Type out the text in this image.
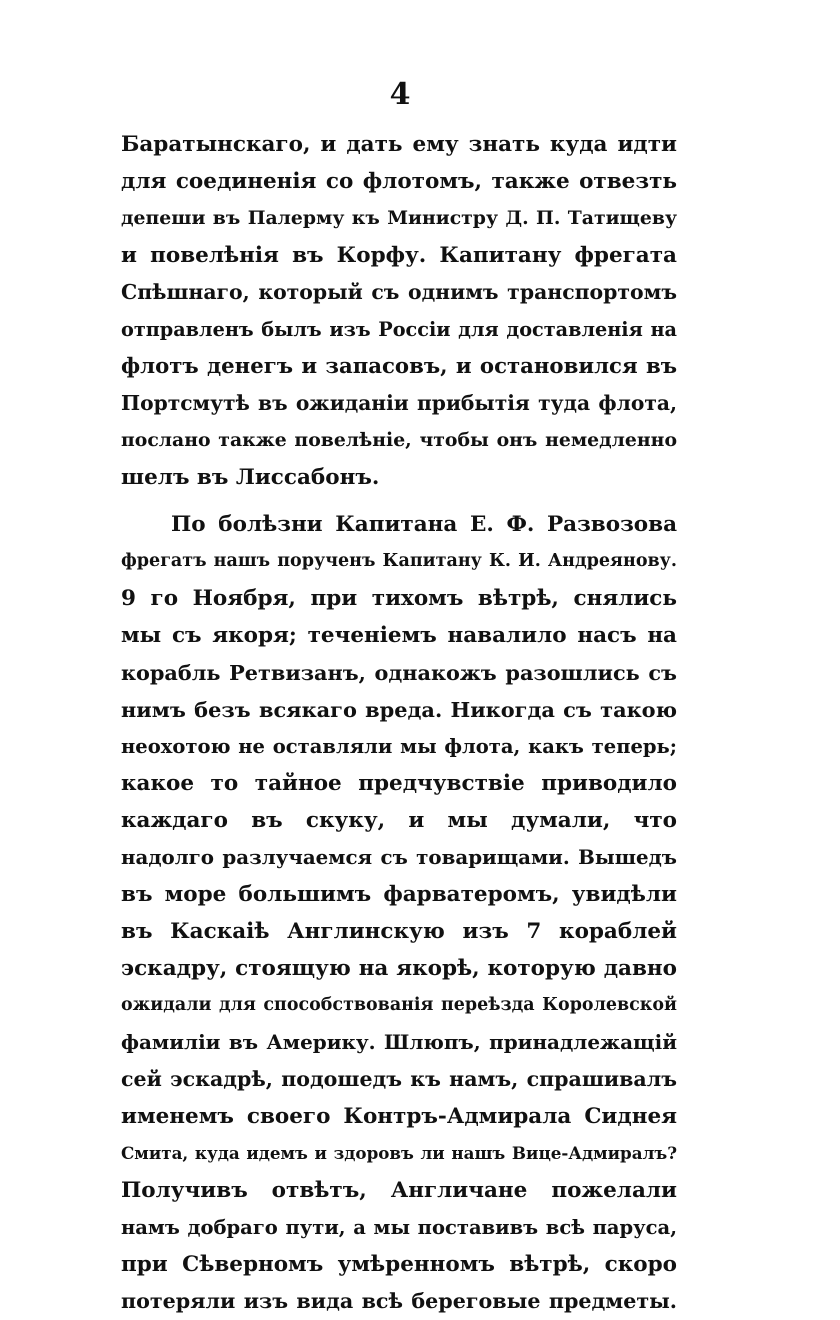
4
Баратынскаго, и дать ему знать куда идти
для соединенія со флотомъ, также отвезть
депеши въ Палерму къ Министру Д. П. Татищеву
и повелѣнія въ Корфу. Капитану фрегата
Спѣшнаго, который съ однимъ транспортомъ
отправленъ былъ изъ Россіи для доставленія на
флотъ денегъ и запасовъ, и остановился въ
Портсмутѣ въ ожиданіи прибытія туда флота,
послано также повелѣніе, чтобы онъ немедленно
шелъ въ Лиссабонъ.
По болѣзни Капитана Е. Ф. Развозова
фрегатъ нашъ порученъ Капитану К. И. Андреянову.
9 го Ноября, при тихомъ вѣтрѣ, снялись
мы съ якоря; теченіемъ навалило насъ на
корабль Ретвизанъ, однакожъ разошлись съ
нимъ безъ всякаго вреда. Никогда съ такою
неохотою не оставляли мы флота, какъ теперь;
какое то тайное предчувствіе приводило
каждаго въ скуку, и мы думали, что
надолго разлучаемся съ товарищами. Вышедъ
въ море большимъ фарватеромъ, увидѣли
въ Каскаіѣ Англинскую изъ 7 кораблей
эскадру, стоящую на якорѣ, которую давно
ожидали для способствованія переѣзда Королевской
фамиліи въ Америку. Шлюпъ, принадлежащій
сей эскадрѣ, подошедъ къ намъ, спрашивалъ
именемъ своего Контръ-Адмирала Сиднея
Смита, куда идемъ и здоровъ ли нашъ Вице-Адмиралъ?
Получивъ отвѣтъ, Англичане пожелали
намъ добраго пути, а мы поставивъ всѣ паруса,
при Сѣверномъ умѣренномъ вѣтрѣ, скоро
потеряли изъ вида всѣ береговые предметы.
